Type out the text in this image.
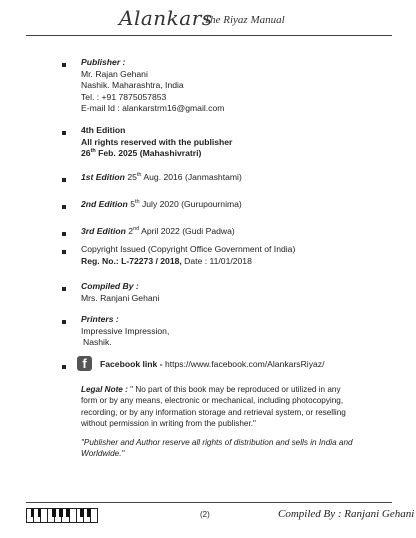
Alankars
The Riyaz Manual
Publisher :
Mr. Rajan Gehani
Nashik. Maharashtra, India
Tel. : +91 7875057853
E-mail Id : alankarstrm16@gmail.com
4th Edition
All rights reserved with the publisher
26th Feb. 2025 (Mahashivratri)
1st Edition 25th Aug. 2016 (Janmashtami)
2nd Edition 5th July 2020 (Gurupournima)
3rd Edition 2nd April 2022 (Gudi Padwa)
Copyright Issued (Copyright Office Government of India)
Reg. No.: L-72273 / 2018, Date : 11/01/2018
Compiled By :
Mrs. Ranjani Gehani
Printers :
Impressive Impression,
Nashik.
f	Facebook link - https://www.facebook.com/AlankarsRiyaz/
Legal Note : " No part of this book may be reproduced or utilized in any
form or by any means, electronic or mechanical, including photocopying,
recording, or by any information storage and retrieval system, or reselling
without permission in writing from the publisher."
"Publisher and Author reserve all rights of distribution and sells in India and
Worldwide."
(2)	Compiled By : Ranjani Gehani
